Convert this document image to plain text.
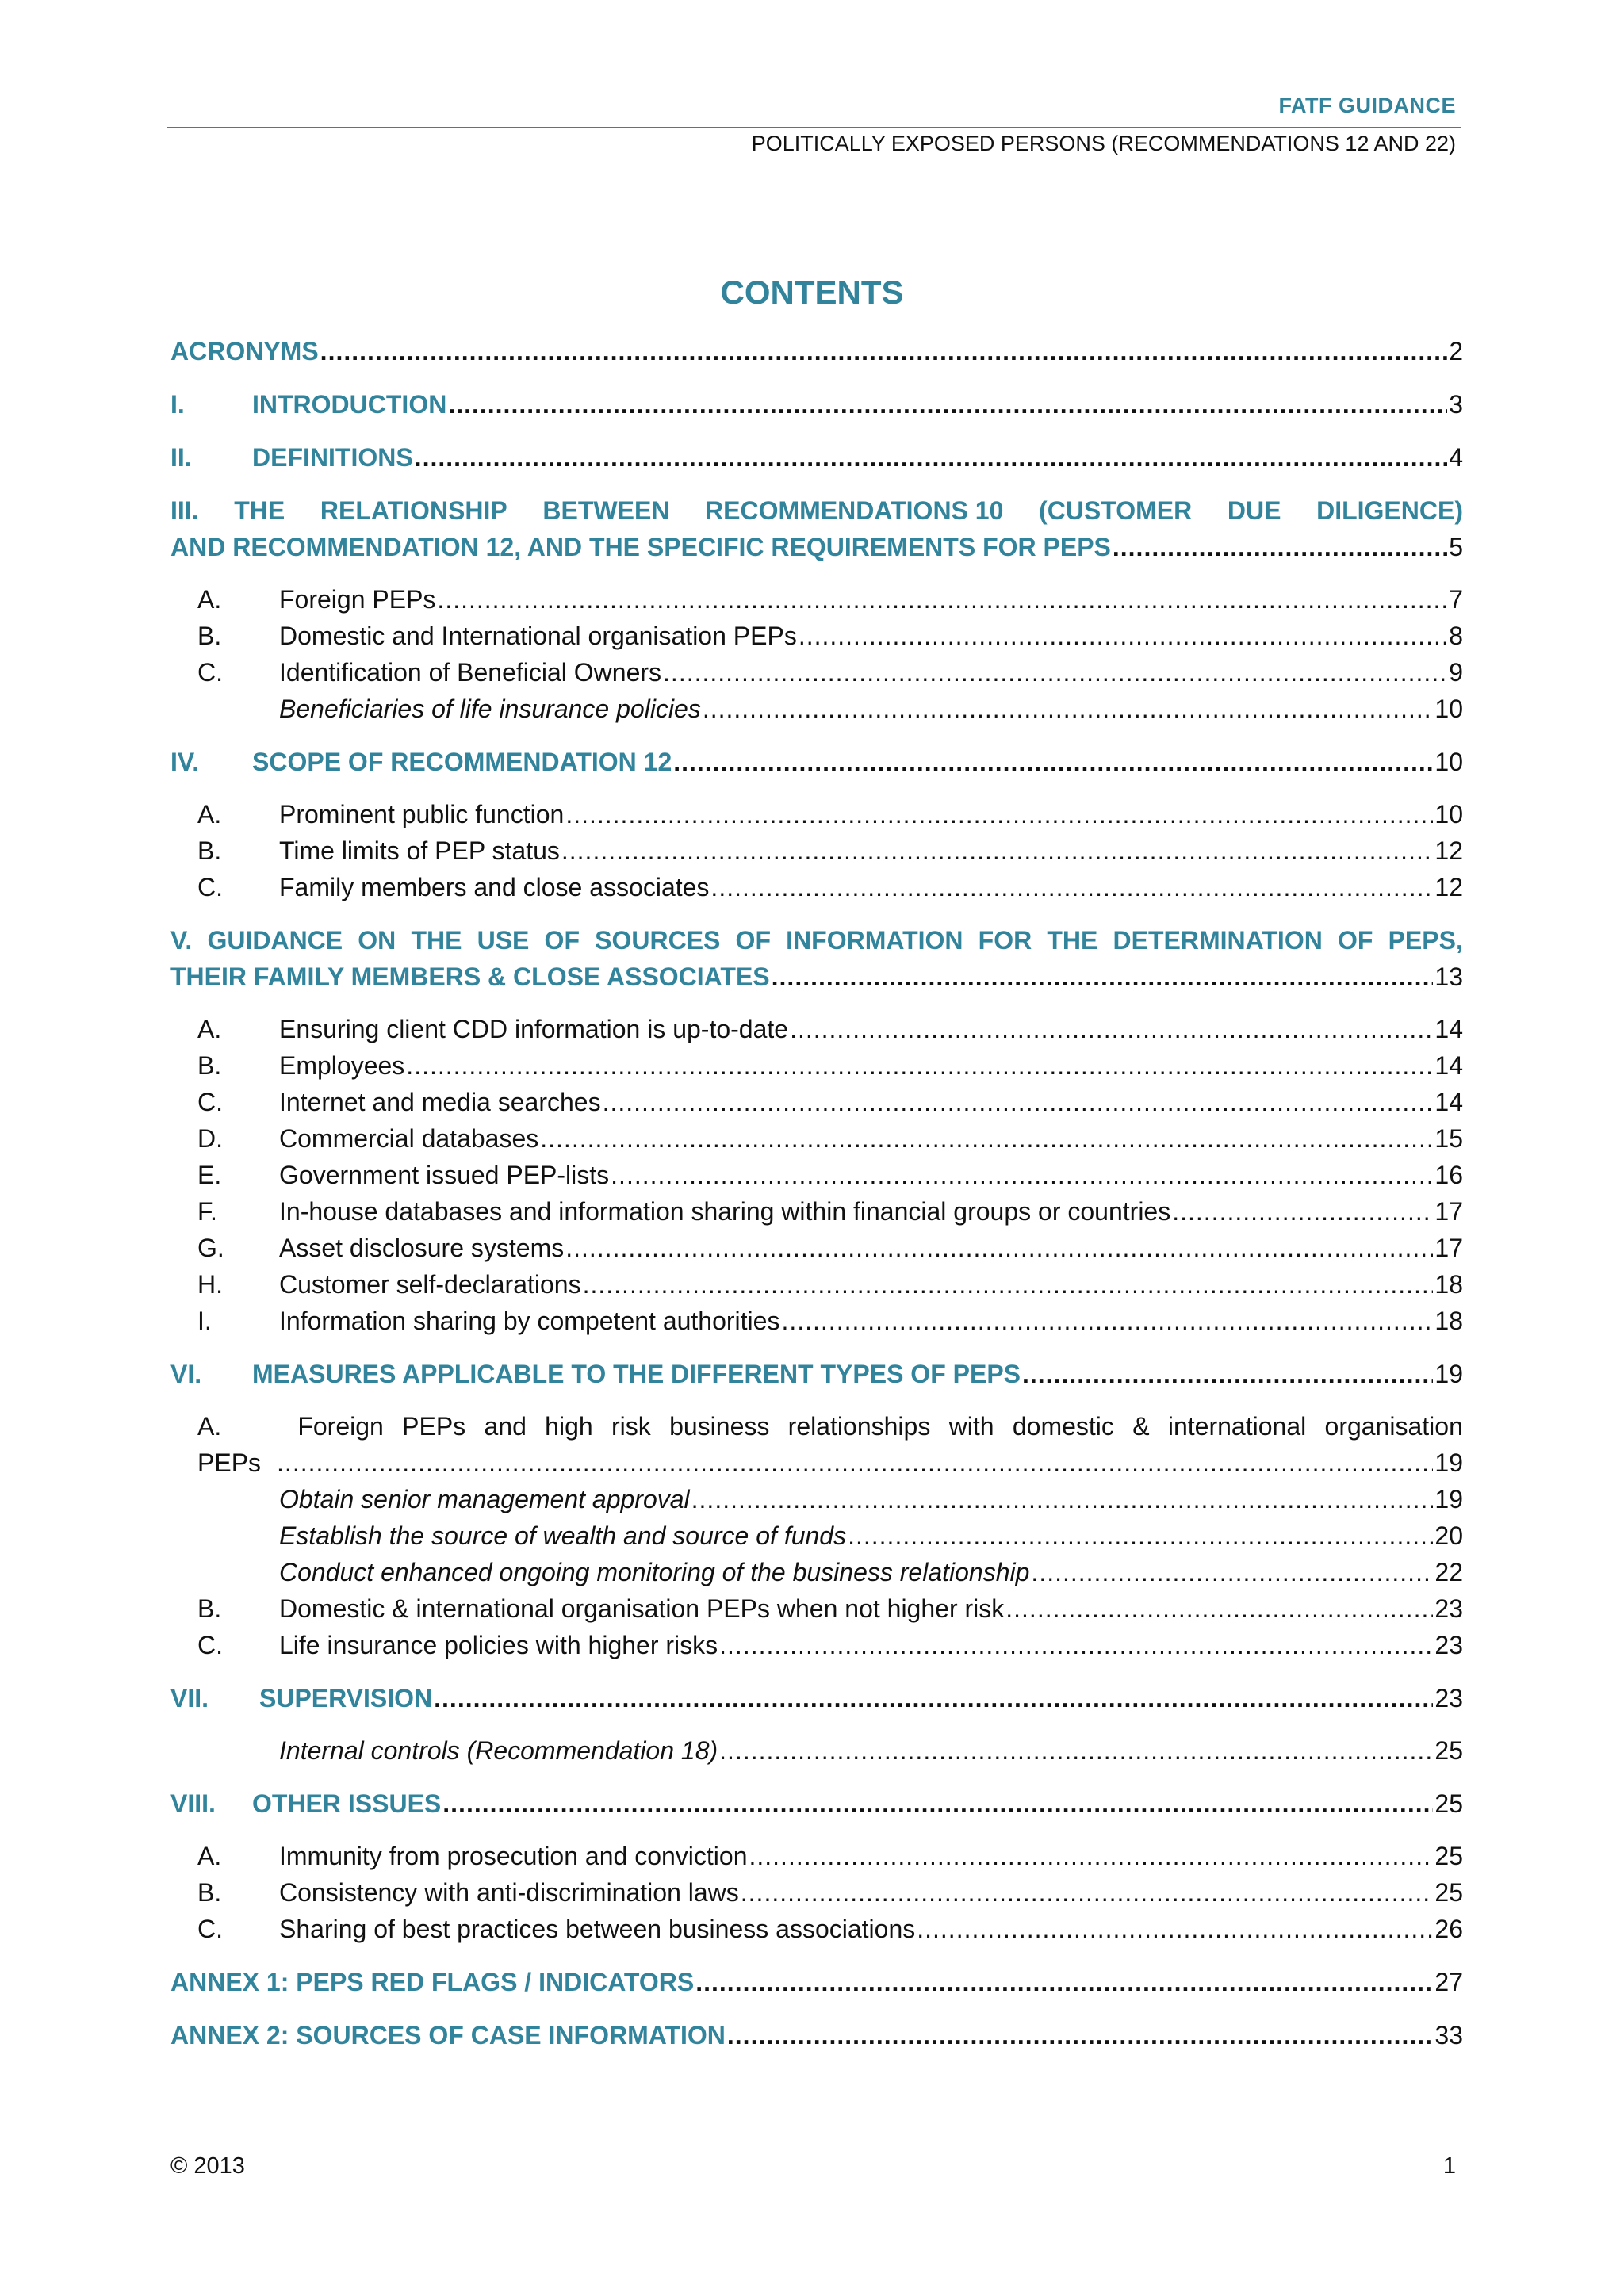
FATF GUIDANCE
POLITICALLY EXPOSED PERSONS (RECOMMENDATIONS 12 AND 22)
CONTENTS
ACRONYMS .....	2
I.	INTRODUCTION .....	3
II.	DEFINITIONS .....	4
III. THE RELATIONSHIP BETWEEN RECOMMENDATIONS 10 (CUSTOMER DUE DILIGENCE)
AND RECOMMENDATION 12, AND THE SPECIFIC REQUIREMENTS FOR PEPS .....	5
A.	Foreign PEPs .....	7
B.	Domestic and International organisation PEPs .....	8
C.	Identification of Beneficial Owners .....	9
Beneficiaries of life insurance policies .....	10
IV.	SCOPE OF RECOMMENDATION 12 .....	10
A.	Prominent public function .....	10
B.	Time limits of PEP status .....	12
C.	Family members and close associates .....	12
V. GUIDANCE ON THE USE OF SOURCES OF INFORMATION FOR THE DETERMINATION OF PEPS,
THEIR FAMILY MEMBERS & CLOSE ASSOCIATES .....	13
A.	Ensuring client CDD information is up-to-date .....	14
B.	Employees .....	14
C.	Internet and media searches .....	14
D.	Commercial databases .....	15
E.	Government issued PEP-lists .....	16
F.	In-house databases and information sharing within financial groups or countries .....	17
G.	Asset disclosure systems .....	17
H.	Customer self-declarations .....	18
I.	Information sharing by competent authorities .....	18
VI.	MEASURES APPLICABLE TO THE DIFFERENT TYPES OF PEPS .....	19
A.	Foreign PEPs and high risk business relationships with domestic & international organisation
PEPs .....	19
Obtain senior management approval .....	19
Establish the source of wealth and source of funds .....	20
Conduct enhanced ongoing monitoring of the business relationship .....	22
B.	Domestic & international organisation PEPs when not higher risk .....	23
C.	Life insurance policies with higher risks .....	23
VII.	SUPERVISION .....	23
Internal controls (Recommendation 18) .....	25
VIII.	OTHER ISSUES .....	25
A.	Immunity from prosecution and conviction .....	25
B.	Consistency with anti-discrimination laws .....	25
C.	Sharing of best practices between business associations .....	26
ANNEX 1: PEPS RED FLAGS / INDICATORS .....	27
ANNEX 2: SOURCES OF CASE INFORMATION .....	33
© 2013	1
